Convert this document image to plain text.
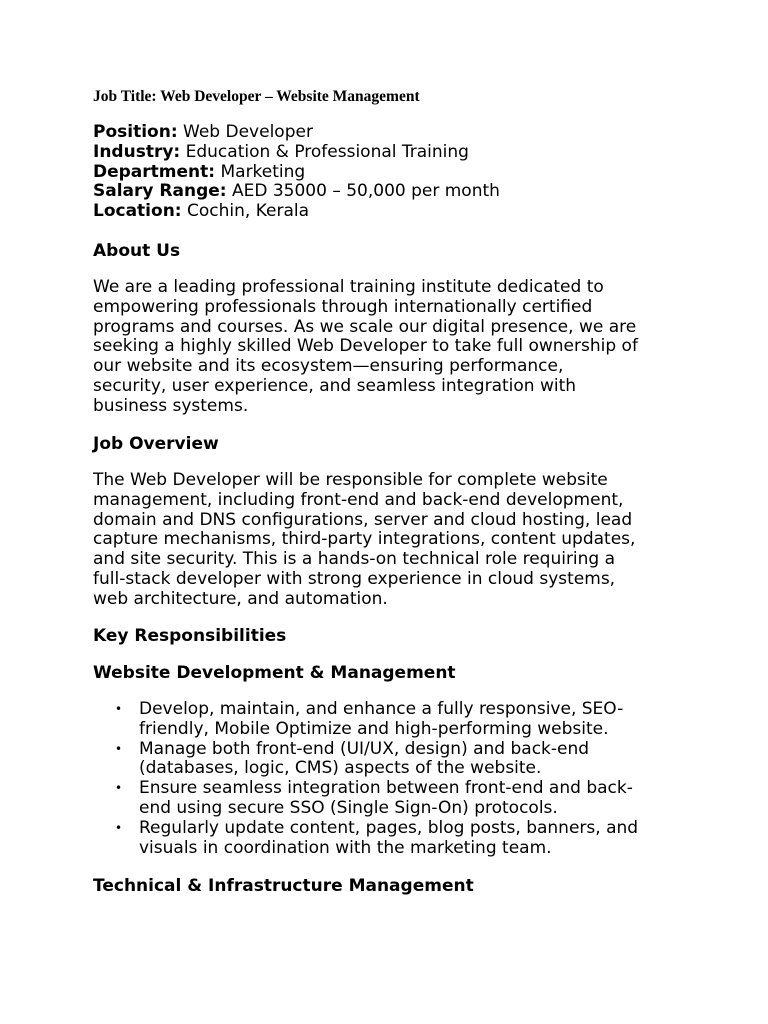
Job Title: Web Developer – Website Management
Position: Web Developer
Industry: Education & Professional Training
Department: Marketing
Salary Range: AED 35000 – 50,000 per month
Location: Cochin, Kerala
About Us
We are a leading professional training institute dedicated to
empowering professionals through internationally certified
programs and courses. As we scale our digital presence, we are
seeking a highly skilled Web Developer to take full ownership of
our website and its ecosystem—ensuring performance,
security, user experience, and seamless integration with
business systems.
Job Overview
The Web Developer will be responsible for complete website
management, including front-end and back-end development,
domain and DNS configurations, server and cloud hosting, lead
capture mechanisms, third-party integrations, content updates,
and site security. This is a hands-on technical role requiring a
full-stack developer with strong experience in cloud systems,
web architecture, and automation.
Key Responsibilities
Website Development & Management
• Develop, maintain, and enhance a fully responsive, SEO-
friendly, Mobile Optimize and high-performing website.
• Manage both front-end (UI/UX, design) and back-end
(databases, logic, CMS) aspects of the website.
• Ensure seamless integration between front-end and back-
end using secure SSO (Single Sign-On) protocols.
• Regularly update content, pages, blog posts, banners, and
visuals in coordination with the marketing team.
Technical & Infrastructure Management
